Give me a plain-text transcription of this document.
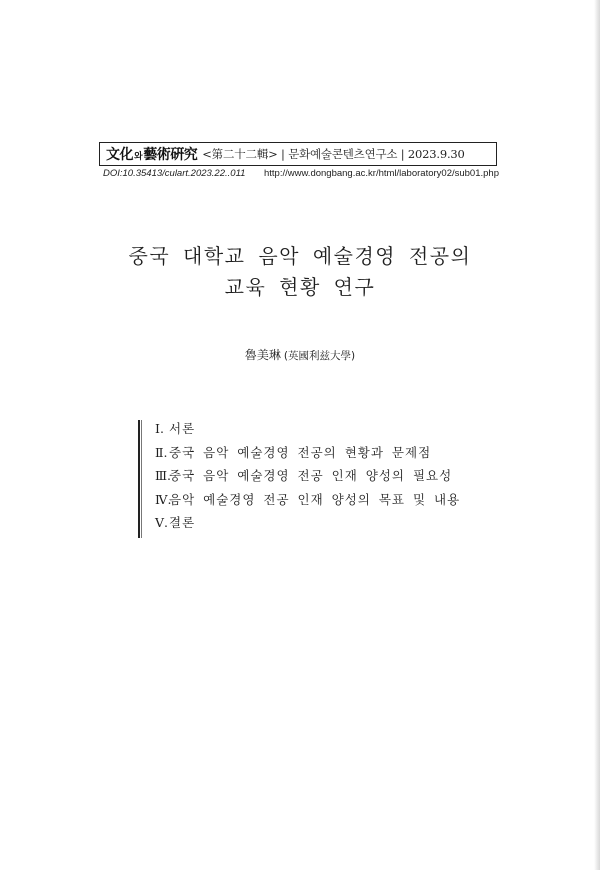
文化와藝術硏究 <第二十二輯> | 문화예술콘텐츠연구소 | 2023.9.30
DOI:10.35413/culart.2023.22..011 http://www.dongbang.ac.kr/html/laboratory02/sub01.php
중국 대학교 음악 예술경영 전공의
교육 현황 연구
魯美琳 (英國利兹大學)
Ⅰ. 서론
Ⅱ. 중국 음악 예술경영 전공의 현황과 문제점
Ⅲ.중국 음악 예술경영 전공 인재 양성의 필요성
Ⅳ.음악 예술경영 전공 인재 양성의 목표 및 내용
Ⅴ.결론
